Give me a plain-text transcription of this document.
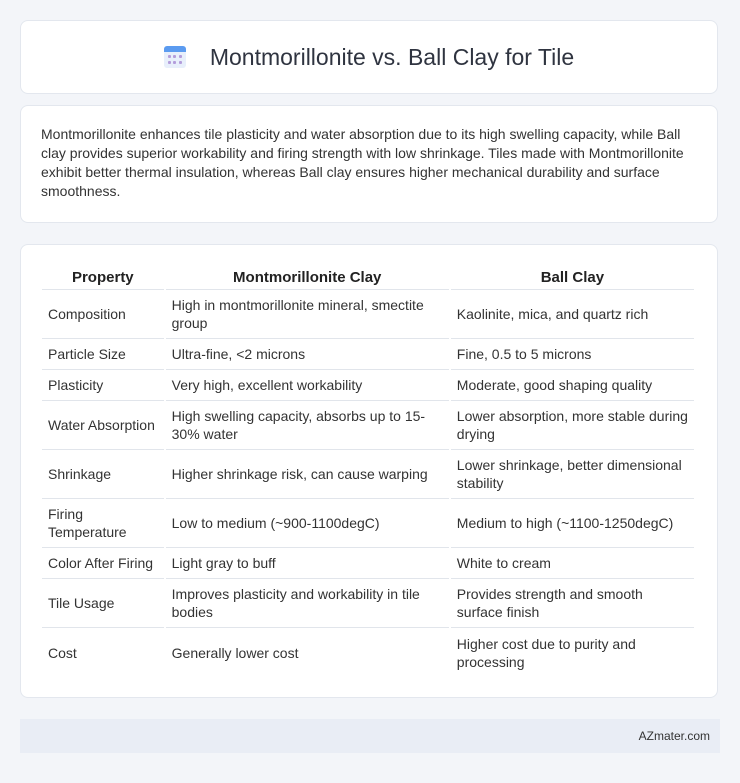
Montmorillonite vs. Ball Clay for Tile

Montmorillonite enhances tile plasticity and water absorption due to its high swelling capacity, while Ball clay provides superior workability and firing strength with low shrinkage. Tiles made with Montmorillonite exhibit better thermal insulation, whereas Ball clay ensures higher mechanical durability and surface smoothness.

Property	Montmorillonite Clay	Ball Clay
Composition	High in montmorillonite mineral, smectite group	Kaolinite, mica, and quartz rich
Particle Size	Ultra-fine, <2 microns	Fine, 0.5 to 5 microns
Plasticity	Very high, excellent workability	Moderate, good shaping quality
Water Absorption	High swelling capacity, absorbs up to 15-30% water	Lower absorption, more stable during drying
Shrinkage	Higher shrinkage risk, can cause warping	Lower shrinkage, better dimensional stability
Firing Temperature	Low to medium (~900-1100degC)	Medium to high (~1100-1250degC)
Color After Firing	Light gray to buff	White to cream
Tile Usage	Improves plasticity and workability in tile bodies	Provides strength and smooth surface finish
Cost	Generally lower cost	Higher cost due to purity and processing
AZmater.com
